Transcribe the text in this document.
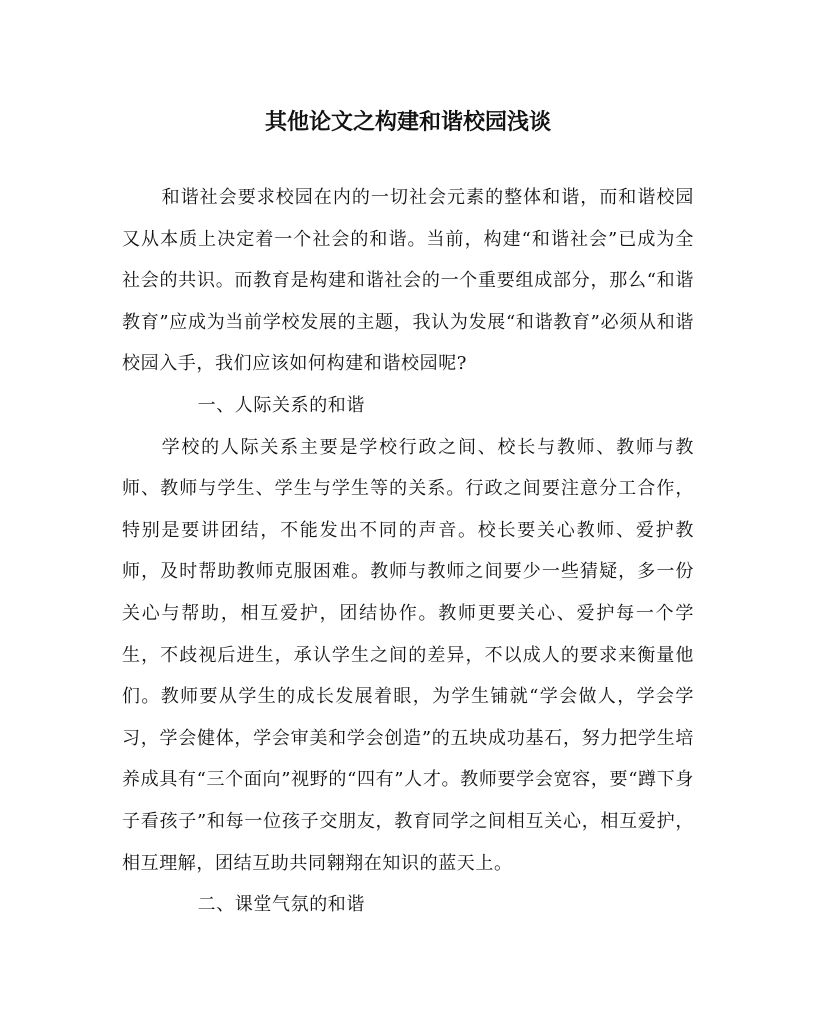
其他论文之构建和谐校园浅谈

和谐社会要求校园在内的一切社会元素的整体和谐，而和谐校园又从本质上决定着一个社会的和谐。当前，构建“和谐社会”已成为全社会的共识。而教育是构建和谐社会的一个重要组成部分，那么“和谐教育”应成为当前学校发展的主题，我认为发展“和谐教育”必须从和谐校园入手，我们应该如何构建和谐校园呢?

一、人际关系的和谐

学校的人际关系主要是学校行政之间、校长与教师、教师与教师、教师与学生、学生与学生等的关系。行政之间要注意分工合作，特别是要讲团结，不能发出不同的声音。校长要关心教师、爱护教师，及时帮助教师克服困难。教师与教师之间要少一些猜疑，多一份关心与帮助，相互爱护，团结协作。教师更要关心、爱护每一个学生，不歧视后进生，承认学生之间的差异，不以成人的要求来衡量他们。教师要从学生的成长发展着眼，为学生铺就“学会做人，学会学习，学会健体，学会审美和学会创造”的五块成功基石，努力把学生培养成具有“三个面向”视野的“四有”人才。教师要学会宽容，要“蹲下身子看孩子”和每一位孩子交朋友，教育同学之间相互关心，相互爱护，相互理解，团结互助共同翱翔在知识的蓝天上。

二、课堂气氛的和谐
